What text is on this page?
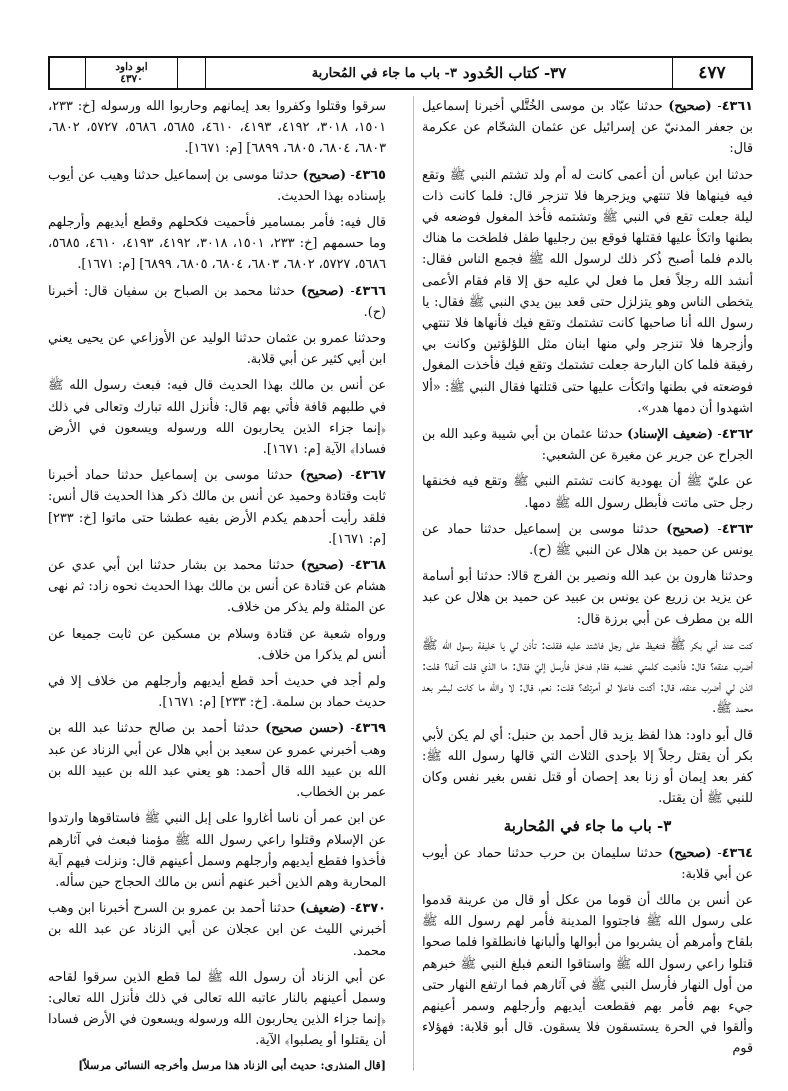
ابو داود
٤٣٧٠	٣٧- كتاب الحُدود
٣- باب ما جاء في المُحاربة	٤٧٧

٤٣٦١- (صحيح) حدثنا عبّاد بن موسى الخُتَّلي أخبرنا إسماعيل بن جعفر المدنيّ عن إسرائيل عن عثمان الشحّام عن عكرمة قال:

حدثنا ابن عباس أن أعمى كانت له أم ولد تشتم النبي ﷺ وتقع فيه فينهاها فلا تنتهي ويزجرها فلا تنزجر قال: فلما كانت ذات ليلة جعلت تقع في النبي ﷺ وتشتمه فأخذ المغول فوضعه في بطنها واتكأ عليها فقتلها فوقع بين رجليها طفل فلطخت ما هناك بالدم فلما أصبح ذُكر ذلك لرسول الله ﷺ فجمع الناس فقال: أنشد الله رجلاً فعل ما فعل لي عليه حق إلا قام فقام الأعمى يتخطى الناس وهو يتزلزل حتى قعد بين يدي النبي ﷺ فقال: يا رسول الله أنا صاحبها كانت تشتمك وتقع فيك فأنهاها فلا تنتهي وأزجرها فلا تنزجر ولي منها ابنان مثل اللؤلؤتين وكانت بي رفيقة فلما كان البارحة جعلت تشتمك وتقع فيك فأخذت المغول فوضعته في بطنها واتكأت عليها حتى قتلتها فقال النبي ﷺ: «ألا اشهدوا أن دمها هدر».

٤٣٦٢- (ضعيف الإسناد) حدثنا عثمان بن أبي شيبة وعبد الله بن الجراح عن جرير عن مغيرة عن الشعبي:

عن عليّ ﷺ أن يهودية كانت تشتم النبي ﷺ وتقع فيه فخنقها رجل حتى ماتت فأبطل رسول الله ﷺ دمها.

٤٣٦٣- (صحيح) حدثنا موسى بن إسماعيل حدثنا حماد عن يونس عن حميد بن هلال عن النبي ﷺ (ح).

وحدثنا هارون بن عبد الله ونصير بن الفرج قالا: حدثنا أبو أسامة عن يزيد بن زريع عن يونس بن عبيد عن حميد بن هلال عن عبد الله بن مطرف عن أبي برزة قال:

كنت عند أبي بكر ﷺ فتغيظ على رجل فاشتد عليه فقلت: تأذن لي يا خليفة رسول الله ﷺ أضرب عنقه؟ قال: فأذهبت كلمتي غضبه فقام فدخل فأرسل إليّ فقال: ما الذي قلت آنفا؟ قلت: ائذن لي أضرب عنقه، قال: أكنت فاعلا لو أمرتك؟ قلت: نعم، قال: لا والله ما كانت لبشر بعد محمد ﷺ.

قال أبو داود: هذا لفظ يزيد قال أحمد بن حنبل: أي لم يكن لأبي بكر أن يقتل رجلاً إلا بإحدى الثلاث التي قالها رسول الله ﷺ: كفر بعد إيمان أو زنا بعد إحصان أو قتل نفس بغير نفس وكان للنبي ﷺ أن يقتل.

٣- باب ما جاء في المُحاربة

٤٣٦٤- (صحيح) حدثنا سليمان بن حرب حدثنا حماد عن أيوب عن أبي قلابة:

عن أنس بن مالك أن قوما من عكل أو قال من عرينة قدموا على رسول الله ﷺ فاجتووا المدينة فأمر لهم رسول الله ﷺ بلقاح وأمرهم أن يشربوا من أبوالها وألبانها فانطلقوا فلما صحوا قتلوا راعي رسول الله ﷺ واستاقوا النعم فبلغ النبي ﷺ خبرهم من أول النهار فأرسل النبي ﷺ في آثارهم فما ارتفع النهار حتى جيء بهم فأمر بهم فقطعت أيديهم وأرجلهم وسمر أعينهم وألقوا في الحرة يستسقون فلا يسقون. قال أبو قلابة: فهؤلاء قوم

سرقوا وقتلوا وكفروا بعد إيمانهم وحاربوا الله ورسوله [خ: ٢٣٣، ١٥٠١، ٣٠١٨، ٤١٩٢، ٤١٩٣، ٤٦١٠، ٥٦٨٥، ٥٦٨٦، ٥٧٢٧، ٦٨٠٢، ٦٨٠٣، ٦٨٠٤، ٦٨٠٥، ٦٨٩٩] [م: ١٦٧١].

٤٣٦٥- (صحيح) حدثنا موسى بن إسماعيل حدثنا وهيب عن أيوب بإسناده بهذا الحديث.

قال فيه: فأمر بمسامير فأحميت فكحلهم وقطع أيديهم وأرجلهم وما حسمهم [خ: ٢٣٣، ١٥٠١، ٣٠١٨، ٤١٩٢، ٤١٩٣، ٤٦١٠، ٥٦٨٥، ٥٦٨٦، ٥٧٢٧، ٦٨٠٢، ٦٨٠٣، ٦٨٠٤، ٦٨٠٥، ٦٨٩٩] [م: ١٦٧١].

٤٣٦٦- (صحيح) حدثنا محمد بن الصباح بن سفيان قال: أخبرنا (ح).

وحدثنا عمرو بن عثمان حدثنا الوليد عن الأوزاعي عن يحيى يعني ابن أبي كثير عن أبي قلابة.

عن أنس بن مالك بهذا الحديث قال فيه: فبعث رسول الله ﷺ في طلبهم قافة فأتي بهم قال: فأنزل الله تبارك وتعالى في ذلك ﴿إنما جزاء الذين يحاربون الله ورسوله ويسعون في الأرض فسادا﴾ الآية [م: ١٦٧١].

٤٣٦٧- (صحيح) حدثنا موسى بن إسماعيل حدثنا حماد أخبرنا ثابت وقتادة وحميد عن أنس بن مالك ذكر هذا الحديث قال أنس: فلقد رأيت أحدهم يكدم الأرض بفيه عطشا حتى ماتوا [خ: ٢٣٣] [م: ١٦٧١].

٤٣٦٨- (صحيح) حدثنا محمد بن بشار حدثنا ابن أبي عدي عن هشام عن قتادة عن أنس بن مالك بهذا الحديث نحوه زاد: ثم نهى عن المثلة ولم يذكر من خلاف.

ورواه شعبة عن قتادة وسلام بن مسكين عن ثابت جميعا عن أنس لم يذكرا من خلاف.

ولم أجد في حديث أحد قطع أيديهم وأرجلهم من خلاف إلا في حديث حماد بن سلمة. [خ: ٢٣٣] [م: ١٦٧١].

٤٣٦٩- (حسن صحيح) حدثنا أحمد بن صالح حدثنا عبد الله بن وهب أخبرني عمرو عن سعيد بن أبي هلال عن أبي الزناد عن عبد الله بن عبيد الله قال أحمد: هو يعني عبد الله بن عبيد الله بن عمر بن الخطاب.

عن ابن عمر أن ناسا أغاروا على إبل النبي ﷺ فاستاقوها وارتدوا عن الإسلام وقتلوا راعي رسول الله ﷺ مؤمنا فبعث في آثارهم فأخذوا فقطع أيديهم وأرجلهم وسمل أعينهم قال: ونزلت فيهم آية المحاربة وهم الذين أخبر عنهم أنس بن مالك الحجاج حين سأله.

٤٣٧٠- (ضعيف) حدثنا أحمد بن عمرو بن السرح أخبرنا ابن وهب أخبرني الليث عن ابن عجلان عن أبي الزناد عن عبد الله بن محمد.

عن أبي الزناد أن رسول الله ﷺ لما قطع الذين سرقوا لقاحه وسمل أعينهم بالنار عاتبه الله تعالى في ذلك فأنزل الله تعالى: ﴿إنما جزاء الذين يحاربون الله ورسوله ويسعون في الأرض فسادا أن يقتلوا أو يصلبوا﴾ الآية.

[قال المنذري: حديث أبي الزناد هذا مرسل وأخرجه النسائي مرسلاً]
